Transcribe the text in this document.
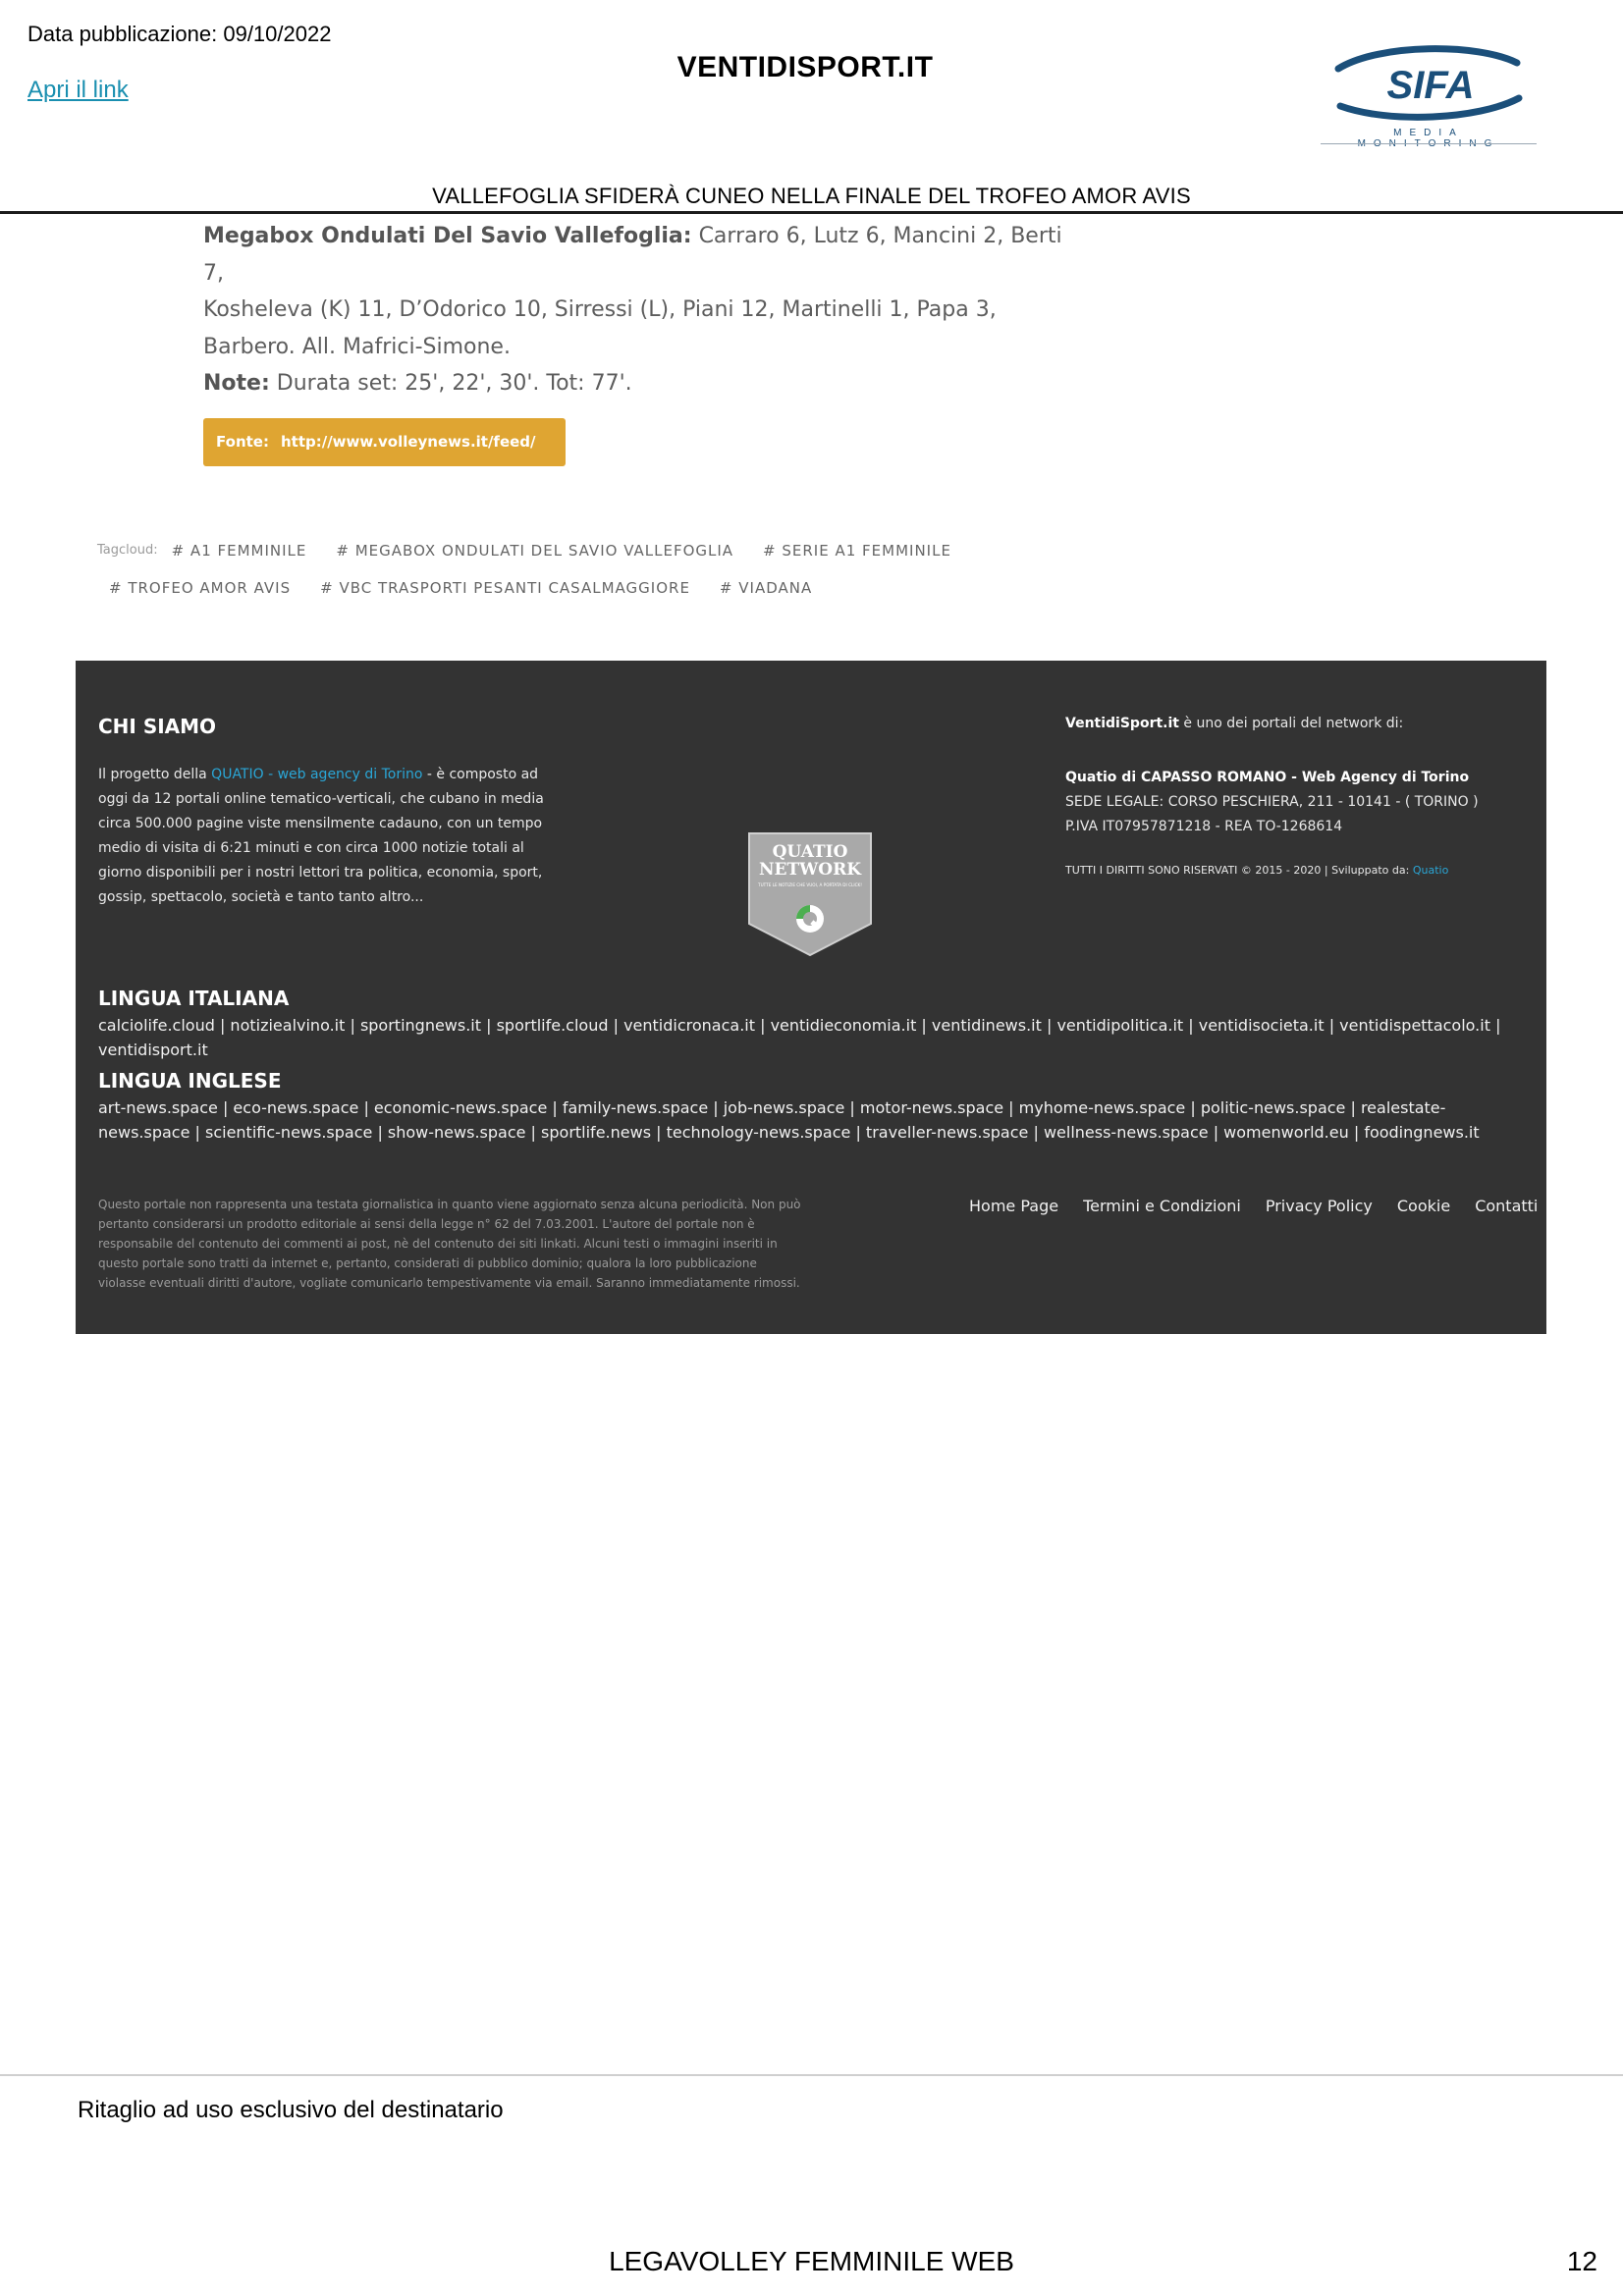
Data pubblicazione: 09/10/2022
Apri il link
VENTIDISPORT.IT	SIFA
MEDIA
VALLEFOGLIA SFIDERÀ CUNEO NELLA FINALE DEL TROFEO AMOR AVIS
Megabox Ondulati Del Savio Vallefoglia: Carraro 6, Lutz 6, Mancini 2, Berti 7,
Kosheleva (K) 11, D’Odorico 10, Sirressi (L), Piani 12, Martinelli 1, Papa 3,
Barbero. All. Mafrici-Simone.
Note: Durata set: 25', 22', 30'. Tot: 77'.
Fonte: http://www.volleynews.it/feed/
Tagcloud: # A1 FEMMINILE # MEGABOX ONDULATI DEL SAVIO VALLEFOGLIA # SERIE A1 FEMMINILE
# TROFEO AMOR AVIS # VBC TRASPORTI PESANTI CASALMAGGIORE # VIADANA
CHI SIAMO
Il progetto della QUATIO - web agency di Torino - è composto ad oggi da 12 portali online tematico-verticali, che cubano in media circa 500.000 pagine viste mensilmente cadauno, con un tempo medio di visita di 6:21 minuti e con circa 1000 notizie totali al giorno disponibili per i nostri lettori tra politica, economia, sport, gossip, spettacolo, società e tanto tanto altro...
QUATIO
NETWORK
TUTTE LE NOTIZIE CHE VUOI, A PORTATA DI CLICK!
VentidiSport.it è uno dei portali del network di:
Quatio di CAPASSO ROMANO - Web Agency di Torino
SEDE LEGALE: CORSO PESCHIERA, 211 - 10141 - ( TORINO )
P.IVA IT07957871218 - REA TO-1268614
TUTTI I DIRITTI SONO RISERVATI © 2015 - 2020 | Sviluppato da: Quatio
LINGUA ITALIANA
calciolife.cloud | notiziealvino.it | sportingnews.it | sportlife.cloud | ventidicronaca.it | ventidieconomia.it | ventidinews.it | ventidipolitica.it | ventidisocieta.it | ventidispettacolo.it | ventidisport.it
LINGUA INGLESE
art-news.space | eco-news.space | economic-news.space | family-news.space | job-news.space | motor-news.space | myhome-news.space | politic-news.space | realestate-news.space | scientific-news.space | show-news.space | sportlife.news | technology-news.space | traveller-news.space | wellness-news.space | womenworld.eu | foodingnews.it
Questo portale non rappresenta una testata giornalistica in quanto viene aggiornato senza alcuna periodicità. Non può pertanto considerarsi un prodotto editoriale ai sensi della legge n° 62 del 7.03.2001. L'autore del portale non è responsabile del contenuto dei commenti ai post, nè del contenuto dei siti linkati. Alcuni testi o immagini inseriti in questo portale sono tratti da internet e, pertanto, considerati di pubblico dominio; qualora la loro pubblicazione violasse eventuali diritti d'autore, vogliate comunicarlo tempestivamente via email. Saranno immediatamente rimossi.
Home Page Termini e Condizioni Privacy Policy Cookie Contatti
Ritaglio ad uso esclusivo del destinatario
LEGAVOLLEY FEMMINILE WEB	12
